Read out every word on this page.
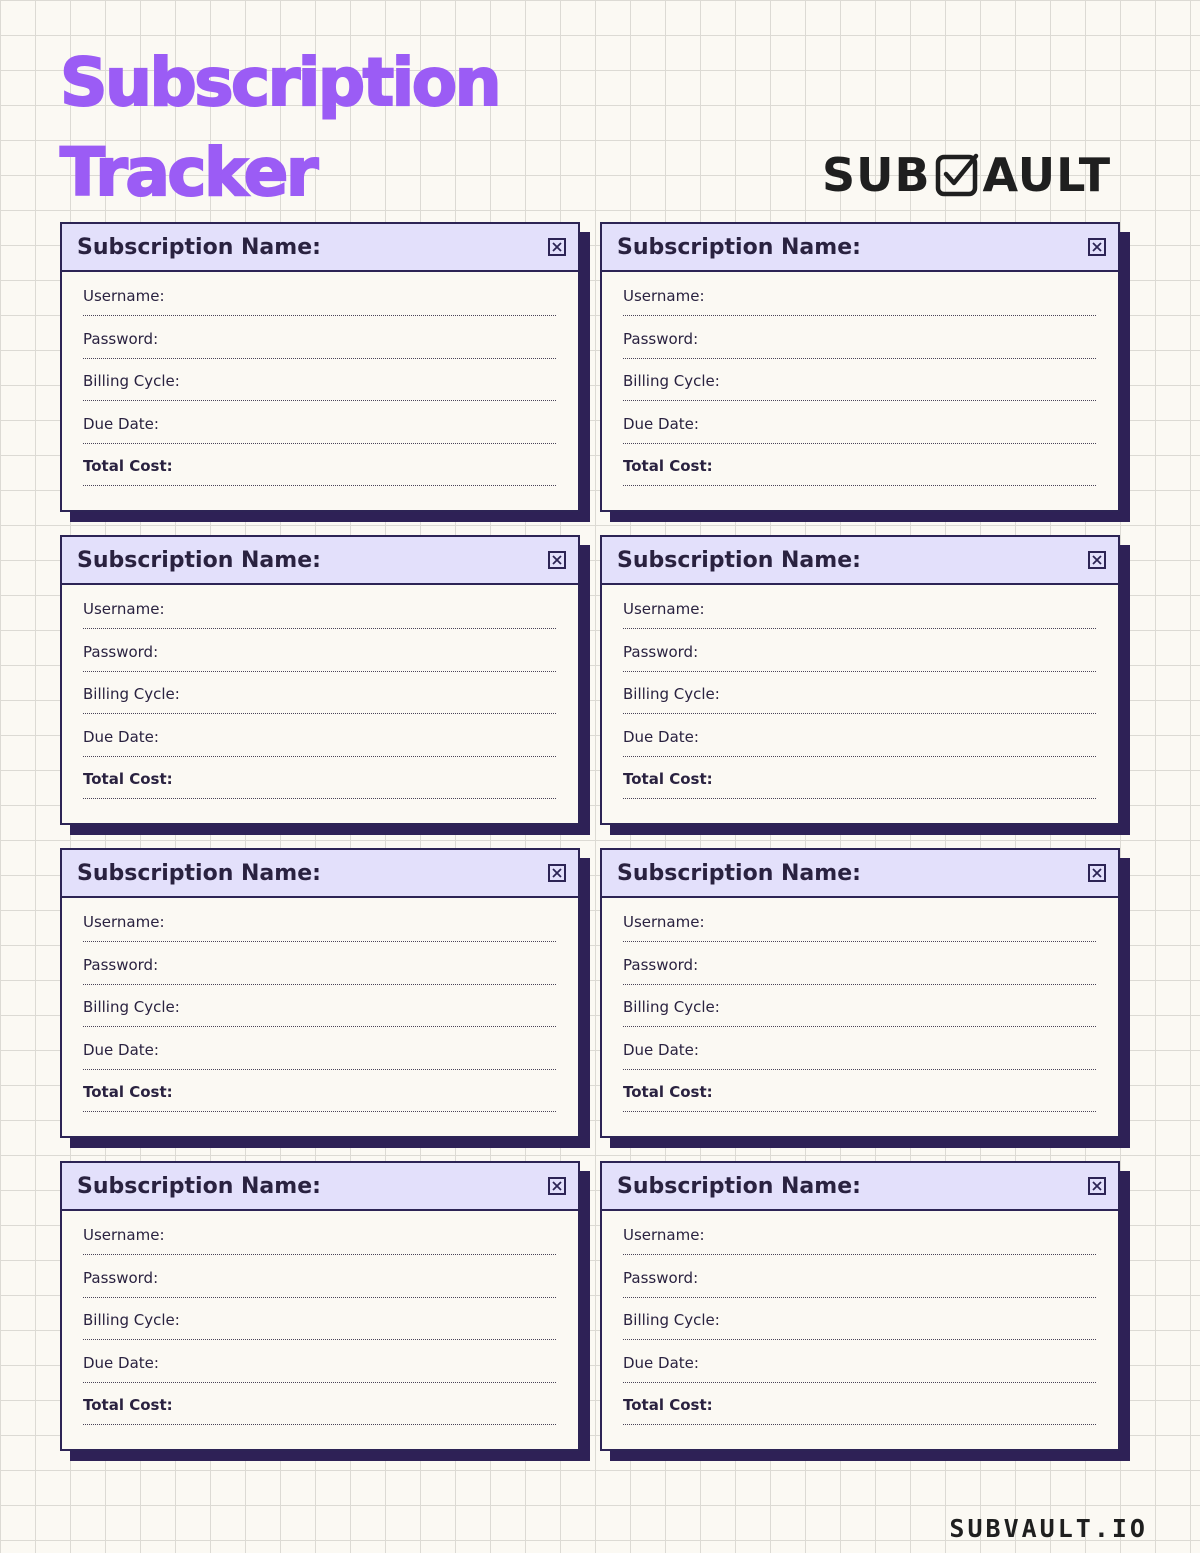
Subscription
Tracker	SUB AULT
Subscription Name:
Username:
Password:
Billing Cycle:
Due Date:
Total Cost:
Subscription Name:
Username:
Password:
Billing Cycle:
Due Date:
Total Cost:
Subscription Name:
Username:
Password:
Billing Cycle:
Due Date:
Total Cost:
Subscription Name:
Username:
Password:
Billing Cycle:
Due Date:
Total Cost:
Subscription Name:
Username:
Password:
Billing Cycle:
Due Date:
Total Cost:
Subscription Name:
Username:
Password:
Billing Cycle:
Due Date:
Total Cost:
Subscription Name:
Username:
Password:
Billing Cycle:
Due Date:
Total Cost:
Subscription Name:
Username:
Password:
Billing Cycle:
Due Date:
Total Cost:
SUBVAULT.IO
